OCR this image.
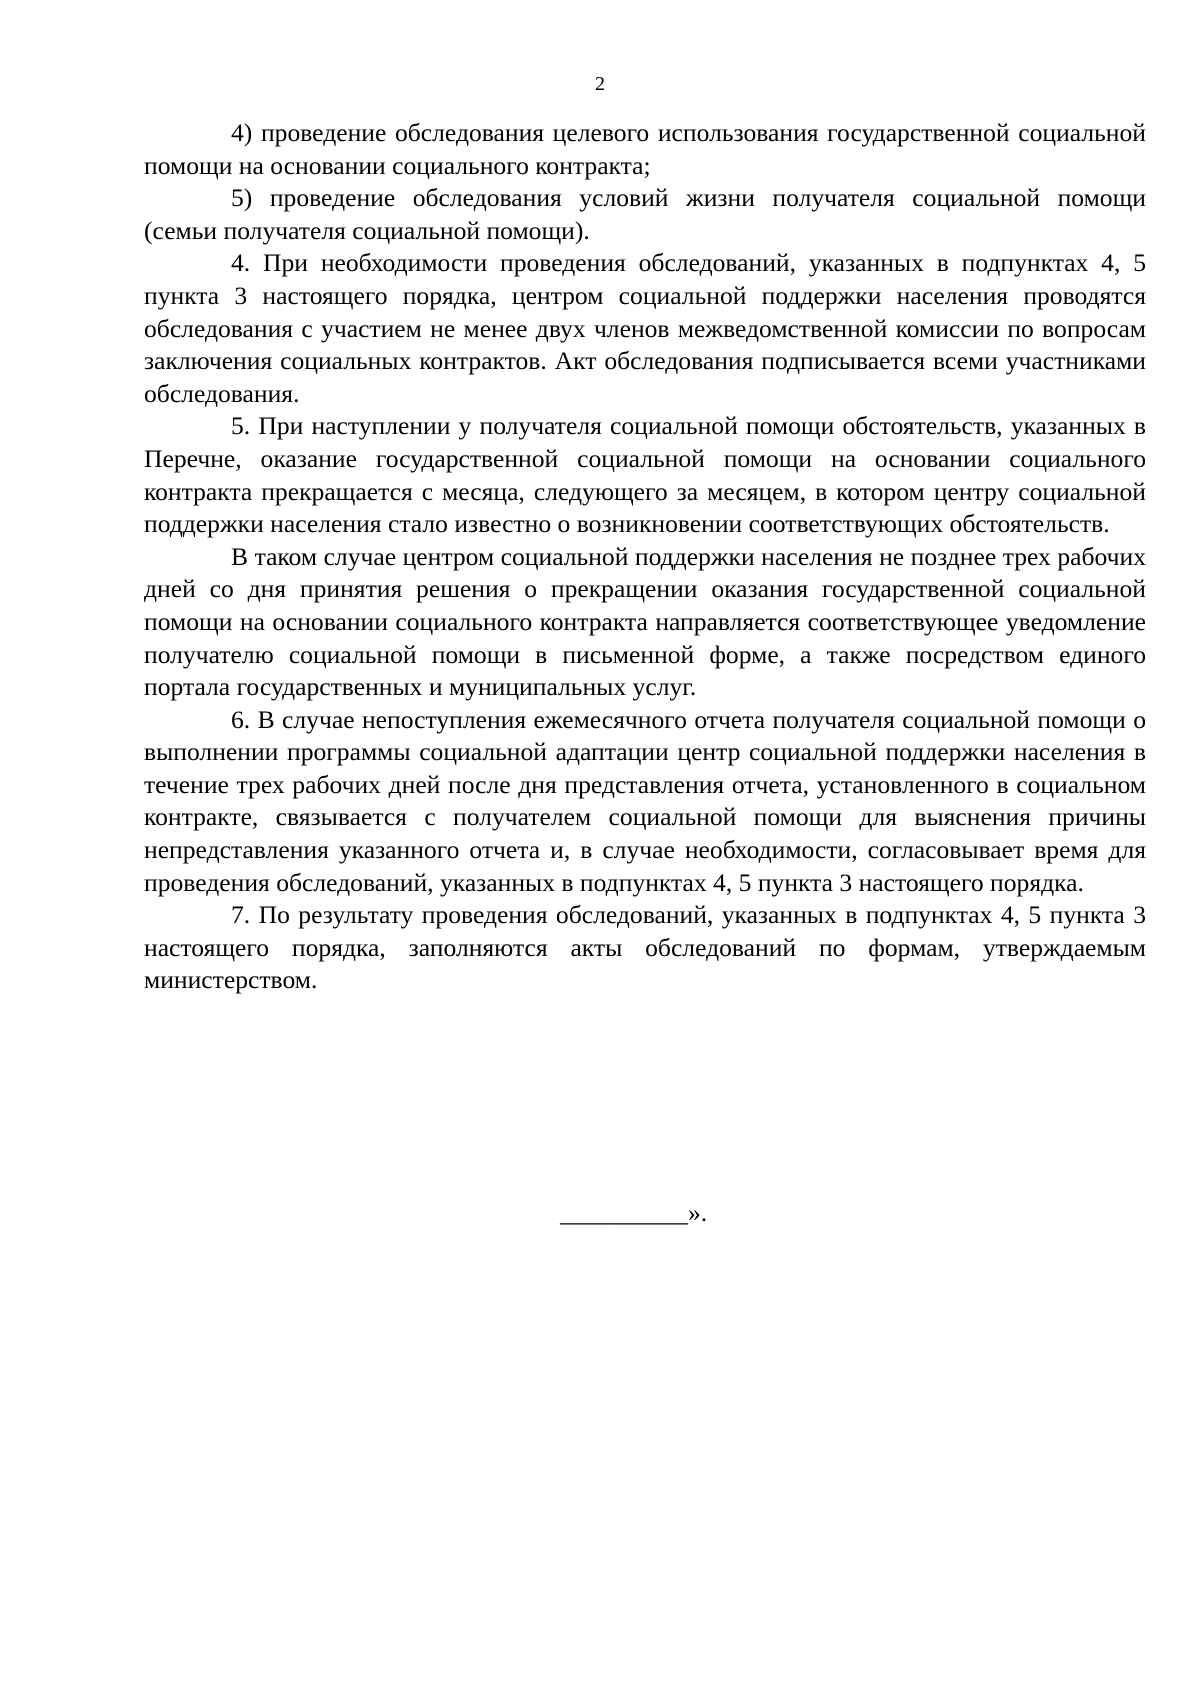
2

4) проведение обследования целевого использования государственной социальной помощи на основании социального контракта;

5) проведение обследования условий жизни получателя социальной помощи (семьи получателя социальной помощи).

4. При необходимости проведения обследований, указанных в подпунктах 4, 5 пункта 3 настоящего порядка, центром социальной поддержки населения проводятся обследования с участием не менее двух членов межведомственной комиссии по вопросам заключения социальных контрактов. Акт обследования подписывается всеми участниками обследования.

5. При наступлении у получателя социальной помощи обстоятельств, указанных в Перечне, оказание государственной социальной помощи на основании социального контракта прекращается с месяца, следующего за месяцем, в котором центру социальной поддержки населения стало известно о возникновении соответствующих обстоятельств.

В таком случае центром социальной поддержки населения не позднее трех рабочих дней со дня принятия решения о прекращении оказания государственной социальной помощи на основании социального контракта направляется соответствующее уведомление получателю социальной помощи в письменной форме, а также посредством единого портала государственных и муниципальных услуг.

6. В случае непоступления ежемесячного отчета получателя социальной помощи о выполнении программы социальной адаптации центр социальной поддержки населения в течение трех рабочих дней после дня представления отчета, установленного в социальном контракте, связывается с получателем социальной помощи для выяснения причины непредставления указанного отчета и, в случае необходимости, согласовывает время для проведения обследований, указанных в подпунктах 4, 5 пункта 3 настоящего порядка.

7. По результату проведения обследований, указанных в подпунктах 4, 5 пункта 3 настоящего порядка, заполняются акты обследований по формам, утверждаемым министерством.

__________».
